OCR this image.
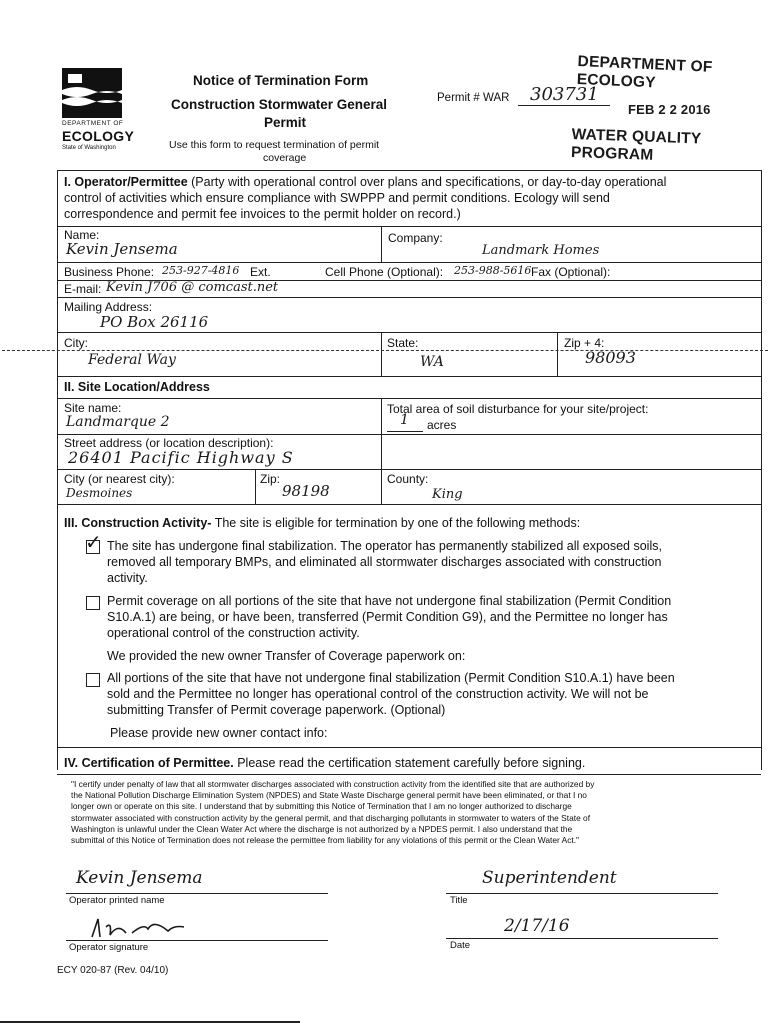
DEPARTMENT OF
ECOLOGY
State of Washington
Notice of Termination Form
Construction Stormwater General
Permit
Use this form to request termination of permit
coverage
Permit # WAR 303731
DEPARTMENT OF ECOLOGY
FEB 2 2 2016
WATER QUALITY PROGRAM
I. Operator/Permittee (Party with operational control over plans and specifications, or day-to-day operational
control of activities which ensure compliance with SWPPP and permit conditions. Ecology will send
correspondence and permit fee invoices to the permit holder on record.)
Name:
Kevin Jensema
Company:
Landmark Homes
Business Phone: 253-927-4816 Ext.	Cell Phone (Optional): 253-988-5616 Fax (Optional):
E-mail: Kevin J706 @ comcast.net
Mailing Address:
PO Box 26116
City:
Federal Way
State:
WA
Zip + 4:
98093
II. Site Location/Address
Site name:
Landmarque 2
Total area of soil disturbance for your site/project:
1 acres
Street address (or location description):
26401 Pacific Highway S
City (or nearest city):
Desmoines
Zip:
98198
County:
King
III. Construction Activity- The site is eligible for termination by one of the following methods:
✓ The site has undergone final stabilization. The operator has permanently stabilized all exposed soils,
removed all temporary BMPs, and eliminated all stormwater discharges associated with construction
activity.
Permit coverage on all portions of the site that have not undergone final stabilization (Permit Condition
S10.A.1) are being, or have been, transferred (Permit Condition G9), and the Permittee no longer has
operational control of the construction activity.
We provided the new owner Transfer of Coverage paperwork on:
All portions of the site that have not undergone final stabilization (Permit Condition S10.A.1) have been
sold and the Permittee no longer has operational control of the construction activity. We will not be
submitting Transfer of Permit coverage paperwork. (Optional)
Please provide new owner contact info:
IV. Certification of Permittee. Please read the certification statement carefully before signing.
"I certify under penalty of law that all stormwater discharges associated with construction activity from the identified site that are authorized by
the National Pollution Discharge Elimination System (NPDES) and State Waste Discharge general permit have been eliminated, or that I no
longer own or operate on this site. I understand that by submitting this Notice of Termination that I am no longer authorized to discharge
stormwater associated with construction activity by the general permit, and that discharging pollutants in stormwater to waters of the State of
Washington is unlawful under the Clean Water Act where the discharge is not authorized by a NPDES permit. I also understand that the
submittal of this Notice of Termination does not release the permittee from liability for any violations of this permit or the Clean Water Act."
Kevin Jensema
Operator printed name
Superintendent
Title
Operator signature
2/17/16
Date
ECY 020-87 (Rev. 04/10)
